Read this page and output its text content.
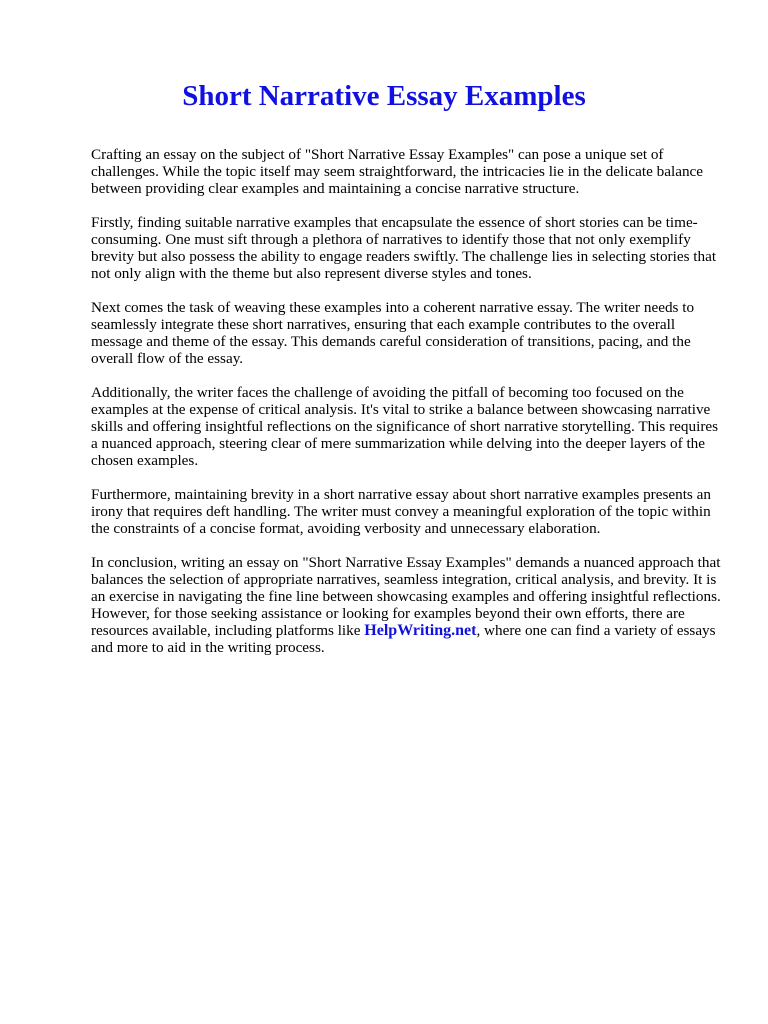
Short Narrative Essay Examples

Crafting an essay on the subject of "Short Narrative Essay Examples" can pose a unique set of challenges. While the topic itself may seem straightforward, the intricacies lie in the delicate balance between providing clear examples and maintaining a concise narrative structure.

Firstly, finding suitable narrative examples that encapsulate the essence of short stories can be time-consuming. One must sift through a plethora of narratives to identify those that not only exemplify brevity but also possess the ability to engage readers swiftly. The challenge lies in selecting stories that not only align with the theme but also represent diverse styles and tones.

Next comes the task of weaving these examples into a coherent narrative essay. The writer needs to seamlessly integrate these short narratives, ensuring that each example contributes to the overall message and theme of the essay. This demands careful consideration of transitions, pacing, and the overall flow of the essay.

Additionally, the writer faces the challenge of avoiding the pitfall of becoming too focused on the examples at the expense of critical analysis. It's vital to strike a balance between showcasing narrative skills and offering insightful reflections on the significance of short narrative storytelling. This requires a nuanced approach, steering clear of mere summarization while delving into the deeper layers of the chosen examples.

Furthermore, maintaining brevity in a short narrative essay about short narrative examples presents an irony that requires deft handling. The writer must convey a meaningful exploration of the topic within the constraints of a concise format, avoiding verbosity and unnecessary elaboration.

In conclusion, writing an essay on "Short Narrative Essay Examples" demands a nuanced approach that balances the selection of appropriate narratives, seamless integration, critical analysis, and brevity. It is an exercise in navigating the fine line between showcasing examples and offering insightful reflections. However, for those seeking assistance or looking for examples beyond their own efforts, there are resources available, including platforms like HelpWriting.net, where one can find a variety of essays and more to aid in the writing process.
